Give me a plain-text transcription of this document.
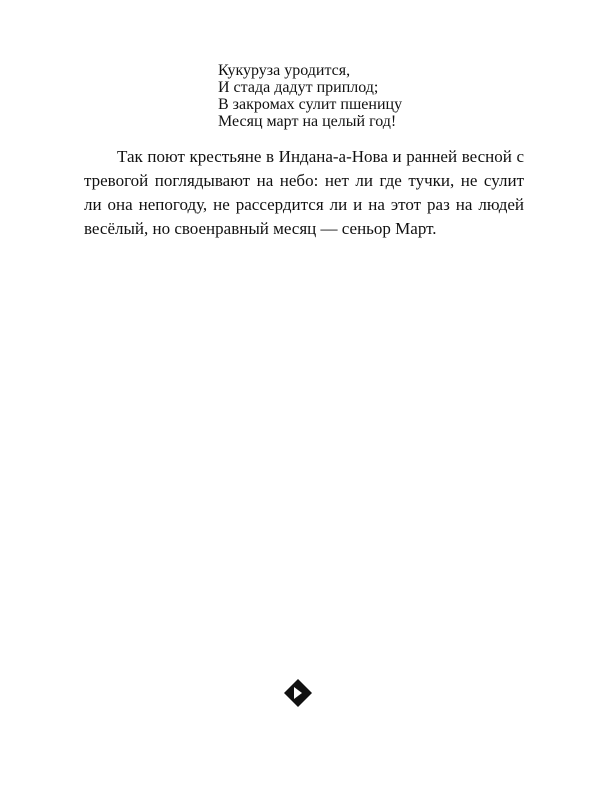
Кукуруза уродится,
И стада дадут приплод;
В закромах сулит пшеницу
Месяц март на целый год!

Так поют крестьяне в Индана-а-Нова и ранней весной с тревогой поглядывают на небо: нет ли где тучки, не сулит ли она непогоду, не рассердится ли и на этот раз на людей весёлый, но своенравный месяц — сеньор Март.
